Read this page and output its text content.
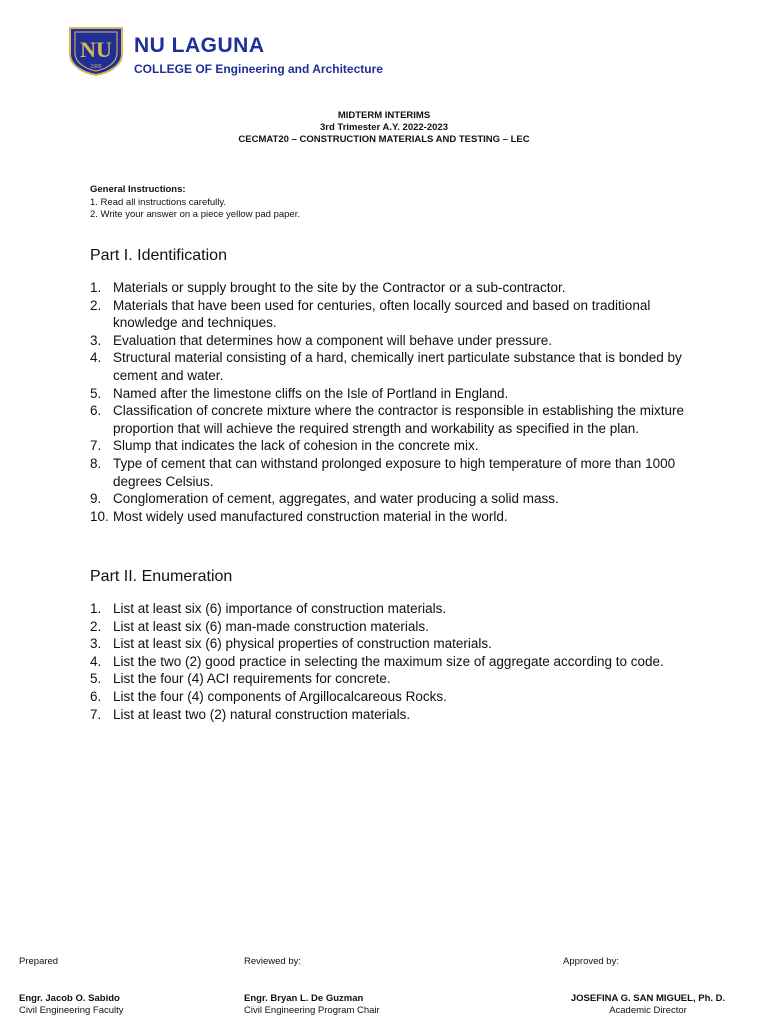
NU
1900
NU LAGUNA
COLLEGE OF Engineering and Architecture
MIDTERM INTERIMS
3rd Trimester A.Y. 2022-2023
CECMAT20 – CONSTRUCTION MATERIALS AND TESTING – LEC
General Instructions:
1. Read all instructions carefully.
2. Write your answer on a piece yellow pad paper.
Part I. Identification
1. Materials or supply brought to the site by the Contractor or a sub-contractor.
2. Materials that have been used for centuries, often locally sourced and based on traditional knowledge and techniques.
3. Evaluation that determines how a component will behave under pressure.
4. Structural material consisting of a hard, chemically inert particulate substance that is bonded by cement and water.
5. Named after the limestone cliffs on the Isle of Portland in England.
6. Classification of concrete mixture where the contractor is responsible in establishing the mixture proportion that will achieve the required strength and workability as specified in the plan.
7. Slump that indicates the lack of cohesion in the concrete mix.
8. Type of cement that can withstand prolonged exposure to high temperature of more than 1000 degrees Celsius.
9. Conglomeration of cement, aggregates, and water producing a solid mass.
10. Most widely used manufactured construction material in the world.
Part II. Enumeration
1. List at least six (6) importance of construction materials.
2. List at least six (6) man-made construction materials.
3. List at least six (6) physical properties of construction materials.
4. List the two (2) good practice in selecting the maximum size of aggregate according to code.
5. List the four (4) ACI requirements for concrete.
6. List the four (4) components of Argillocalcareous Rocks.
7. List at least two (2) natural construction materials.
Prepared	Reviewed by:	Approved by:
Engr. Jacob O. Sabido
Civil Engineering Faculty
Engr. Bryan L. De Guzman
Civil Engineering Program Chair
JOSEFINA G. SAN MIGUEL, Ph. D.
Academic Director
